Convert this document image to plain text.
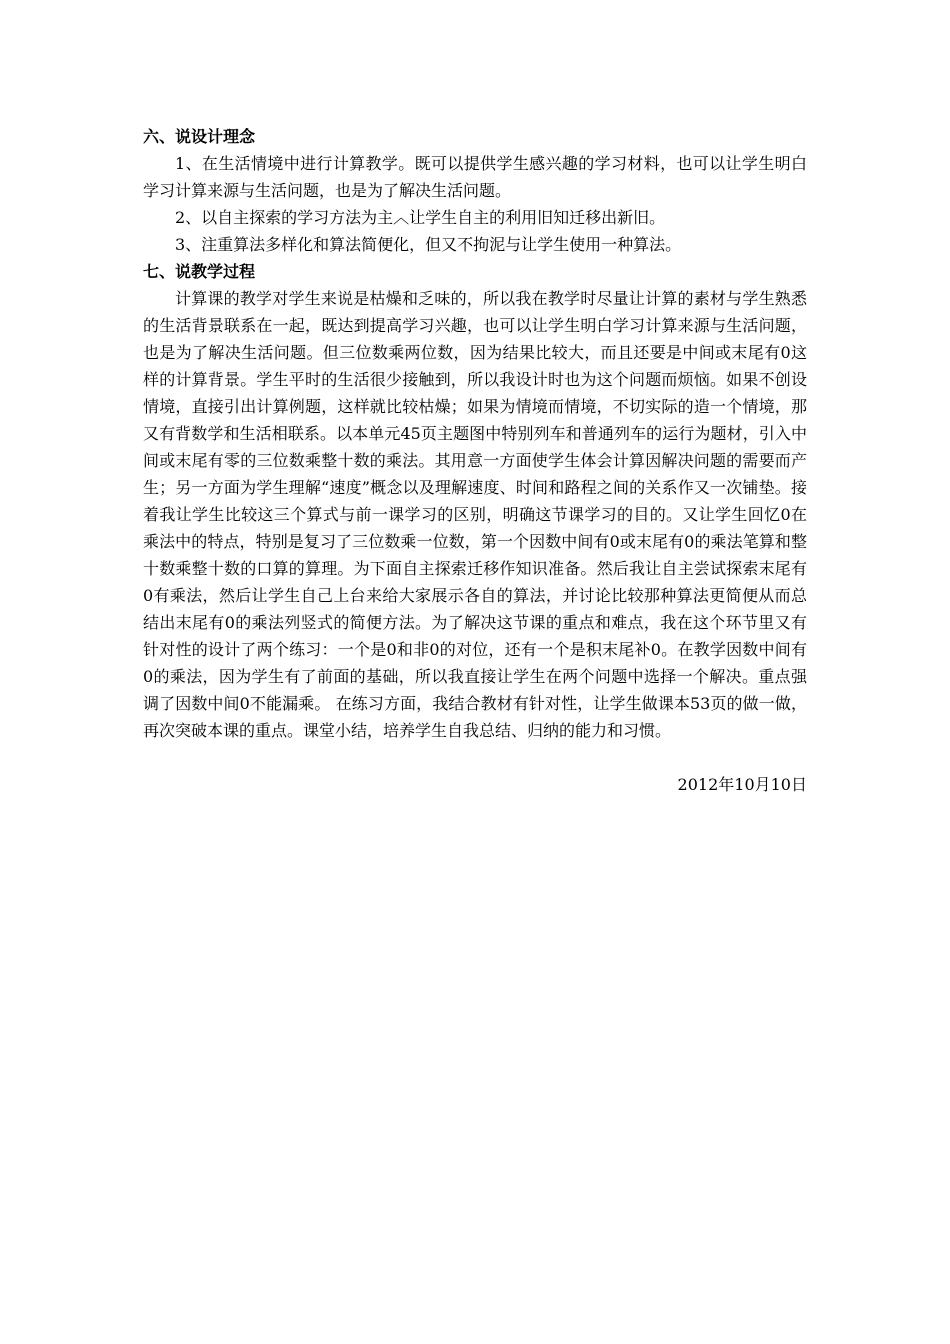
六、说设计理念

1、在生活情境中进行计算教学。既可以提供学生感兴趣的学习材料，也可以让学生明白学习计算来源与生活问题，也是为了解决生活问题。

2、以自主探索的学习方法为主︿让学生自主的利用旧知迁移出新旧。

3、注重算法多样化和算法简便化，但又不拘泥与让学生使用一种算法。

七、说教学过程

计算课的教学对学生来说是枯燥和乏味的，所以我在教学时尽量让计算的素材与学生熟悉的生活背景联系在一起，既达到提高学习兴趣，也可以让学生明白学习计算来源与生活问题，也是为了解决生活问题。但三位数乘两位数，因为结果比较大，而且还要是中间或末尾有0这样的计算背景。学生平时的生活很少接触到，所以我设计时也为这个问题而烦恼。如果不创设情境，直接引出计算例题，这样就比较枯燥；如果为情境而情境，不切实际的造一个情境，那又有背数学和生活相联系。以本单元45页主题图中特别列车和普通列车的运行为题材，引入中间或末尾有零的三位数乘整十数的乘法。其用意一方面使学生体会计算因解决问题的需要而产生；另一方面为学生理解“速度”概念以及理解速度、时间和路程之间的关系作又一次铺垫。接着我让学生比较这三个算式与前一课学习的区别，明确这节课学习的目的。又让学生回忆0在乘法中的特点，特别是复习了三位数乘一位数，第一个因数中间有0或末尾有0的乘法笔算和整十数乘整十数的口算的算理。为下面自主探索迁移作知识准备。然后我让自主尝试探索末尾有0有乘法，然后让学生自己上台来给大家展示各自的算法，并讨论比较那种算法更简便从而总结出末尾有0的乘法列竖式的简便方法。为了解决这节课的重点和难点，我在这个环节里又有针对性的设计了两个练习：一个是0和非0的对位，还有一个是积末尾补0。在教学因数中间有0的乘法，因为学生有了前面的基础，所以我直接让学生在两个问题中选择一个解决。重点强调了因数中间0不能漏乘。 在练习方面，我结合教材有针对性，让学生做课本53页的做一做，再次突破本课的重点。课堂小结，培养学生自我总结、归纳的能力和习惯。

2012年10月10日
